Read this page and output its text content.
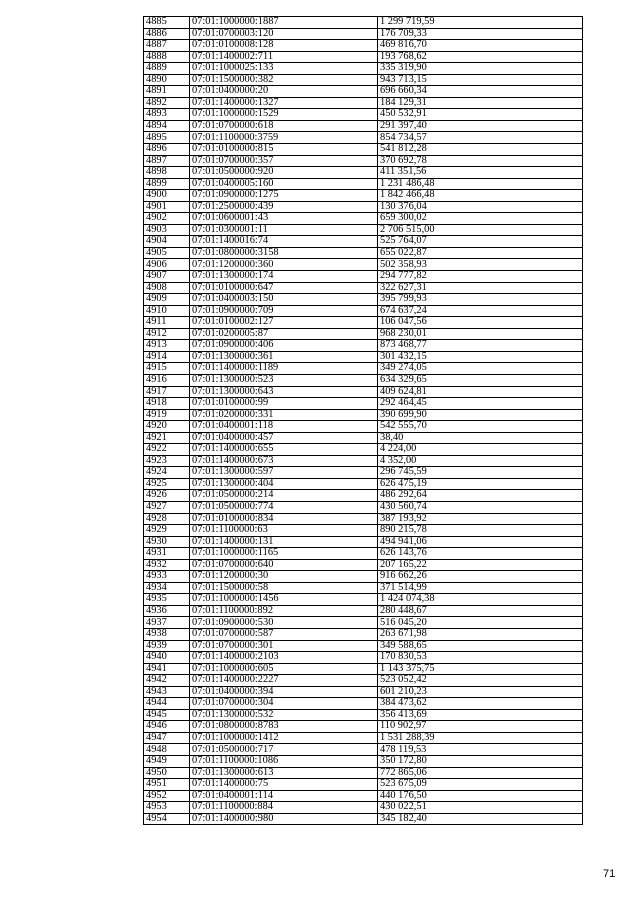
4885	07:01:1000000:1887	1 299 719,59
4886	07:01:0700003:120	176 709,33
4887	07:01:0100008:128	469 816,70
4888	07:01:1400002:711	193 768,62
4889	07:01:1000025:133	335 319,90
4890	07:01:1500000:382	943 713,15
4891	07:01:0400000:20	696 660,34
4892	07:01:1400000:1327	184 129,31
4893	07:01:1000000:1529	450 532,91
4894	07:01:0700000:618	291 397,40
4895	07:01:1100000:3759	854 734,57
4896	07:01:0100000:815	541 812,28
4897	07:01:0700000:357	370 692,78
4898	07:01:0500000:920	411 351,56
4899	07:01:0400005:160	1 231 486,48
4900	07:01:0900000:1275	1 842 466,48
4901	07:01:2500000:439	130 376,04
4902	07:01:0600001:43	659 300,02
4903	07:01:0300001:11	2 706 515,00
4904	07:01:1400016:74	525 764,07
4905	07:01:0800000:3158	655 022,87
4906	07:01:1200000:360	502 358,93
4907	07:01:1300000:174	294 777,82
4908	07:01:0100000:647	322 627,31
4909	07:01:0400003:150	395 799,93
4910	07:01:0900000:709	674 637,24
4911	07:01:0100002:127	106 047,56
4912	07:01:0200005:87	968 230,01
4913	07:01:0900000:406	873 468,77
4914	07:01:1300000:361	301 432,15
4915	07:01:1400000:1189	349 274,05
4916	07:01:1300000:523	634 329,65
4917	07:01:1300000:643	409 624,81
4918	07:01:0100000:99	292 464,45
4919	07:01:0200000:331	390 699,90
4920	07:01:0400001:118	542 555,70
4921	07:01:0400000:457	38,40
4922	07:01:1400000:655	4 224,00
4923	07:01:1400000:673	4 352,00
4924	07:01:1300000:597	296 745,59
4925	07:01:1300000:404	626 475,19
4926	07:01:0500000:214	486 292,64
4927	07:01:0500000:774	430 560,74
4928	07:01:0100000:834	387 193,92
4929	07:01:1100000:63	890 215,78
4930	07:01:1400000:131	494 941,06
4931	07:01:1000000:1165	626 143,76
4932	07:01:0700000:640	207 165,22
4933	07:01:1200000:30	916 662,26
4934	07:01:1500000:58	371 514,99
4935	07:01:1000000:1456	1 424 074,38
4936	07:01:1100000:892	280 448,67
4937	07:01:0900000:530	516 045,20
4938	07:01:0700000:587	263 671,98
4939	07:01:0700000:301	349 588,65
4940	07:01:1400000:2103	170 830,53
4941	07:01:1000000:605	1 143 375,75
4942	07:01:1400000:2227	523 052,42
4943	07:01:0400000:394	601 210,23
4944	07:01:0700000:304	384 473,62
4945	07:01:1300000:532	356 413,69
4946	07:01:0800000:8783	110 902,97
4947	07:01:1000000:1412	1 531 288,39
4948	07:01:0500000:717	478 119,53
4949	07:01:1100000:1086	350 172,80
4950	07:01:1300000:613	772 865,06
4951	07:01:1400000:75	523 675,09
4952	07:01:0400001:114	440 176,50
4953	07:01:1100000:884	430 022,51
4954	07:01:1400000:980	345 182,40
71
